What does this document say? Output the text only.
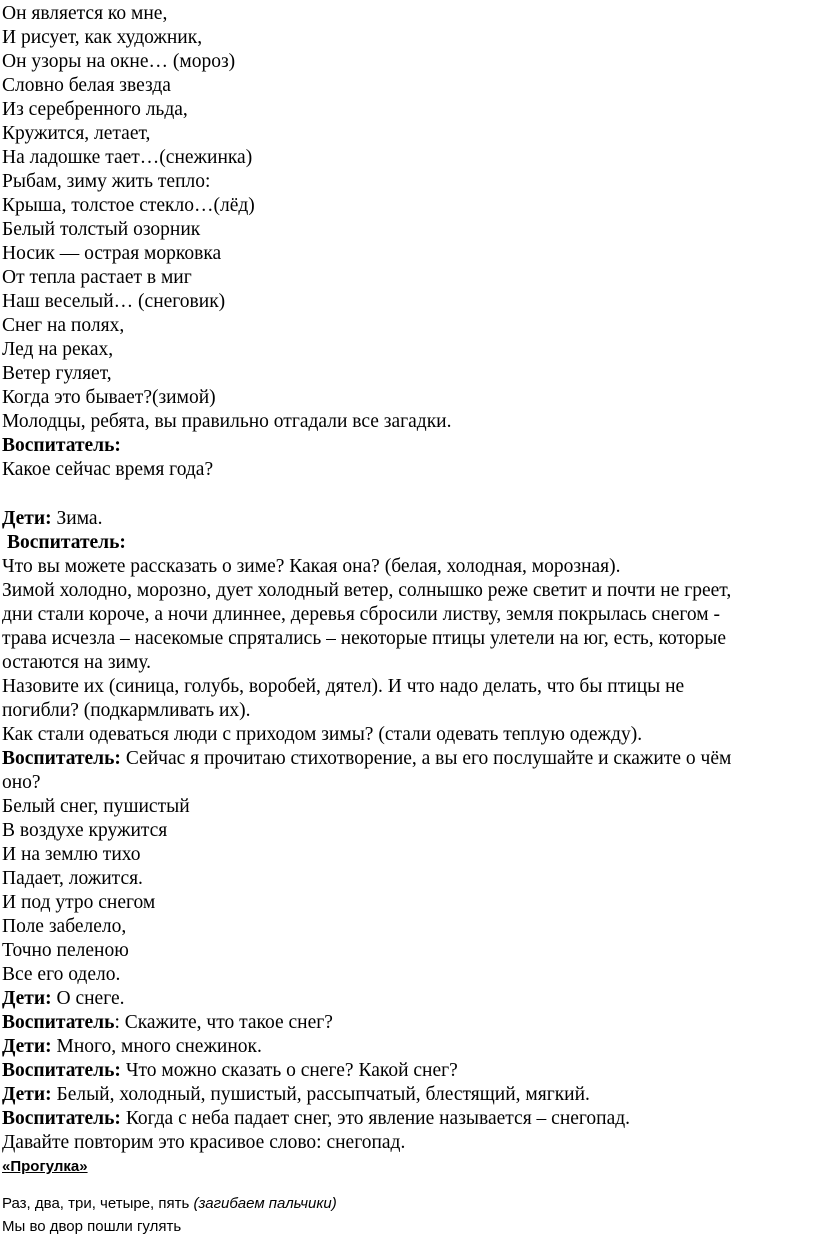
Он является ко мне,
И рисует, как художник,
Он узоры на окне… (мороз)
Словно белая звезда
Из серебренного льда,
Кружится, летает,
На ладошке тает…(снежинка)
Рыбам, зиму жить тепло:
Крыша, толстое стекло…(лёд)
Белый толстый озорник
Носик — острая морковка
От тепла растает в миг
Наш веселый… (снеговик)
Снег на полях,
Лед на реках,
Ветер гуляет,
Когда это бывает?(зимой)
Молодцы, ребята, вы правильно отгадали все загадки.
Воспитатель:
Какое сейчас время года?
Дети: Зима.
Воспитатель:
Что вы можете рассказать о зиме? Какая она? (белая, холодная, морозная).
Зимой холодно, морозно, дует холодный ветер, солнышко реже светит и почти не греет,
дни стали короче, а ночи длиннее, деревья сбросили листву, земля покрылась снегом -
трава исчезла – насекомые спрятались – некоторые птицы улетели на юг, есть, которые
остаются на зиму.
Назовите их (синица, голубь, воробей, дятел). И что надо делать, что бы птицы не
погибли? (подкармливать их).
Как стали одеваться люди с приходом зимы? (стали одевать теплую одежду).
Воспитатель: Сейчас я прочитаю стихотворение, а вы его послушайте и скажите о чём
оно?
Белый снег, пушистый
В воздухе кружится
И на землю тихо
Падает, ложится.
И под утро снегом
Поле забелело,
Точно пеленою
Все его одело.
Дети: О снеге.
Воспитатель: Скажите, что такое снег?
Дети: Много, много снежинок.
Воспитатель: Что можно сказать о снеге? Какой снег?
Дети: Белый, холодный, пушистый, рассыпчатый, блестящий, мягкий.
Воспитатель: Когда с неба падает снег, это явление называется – снегопад.
Давайте повторим это красивое слово: снегопад.
«Прогулка»
Раз, два, три, четыре, пять (загибаем пальчики)
Мы во двор пошли гулять
